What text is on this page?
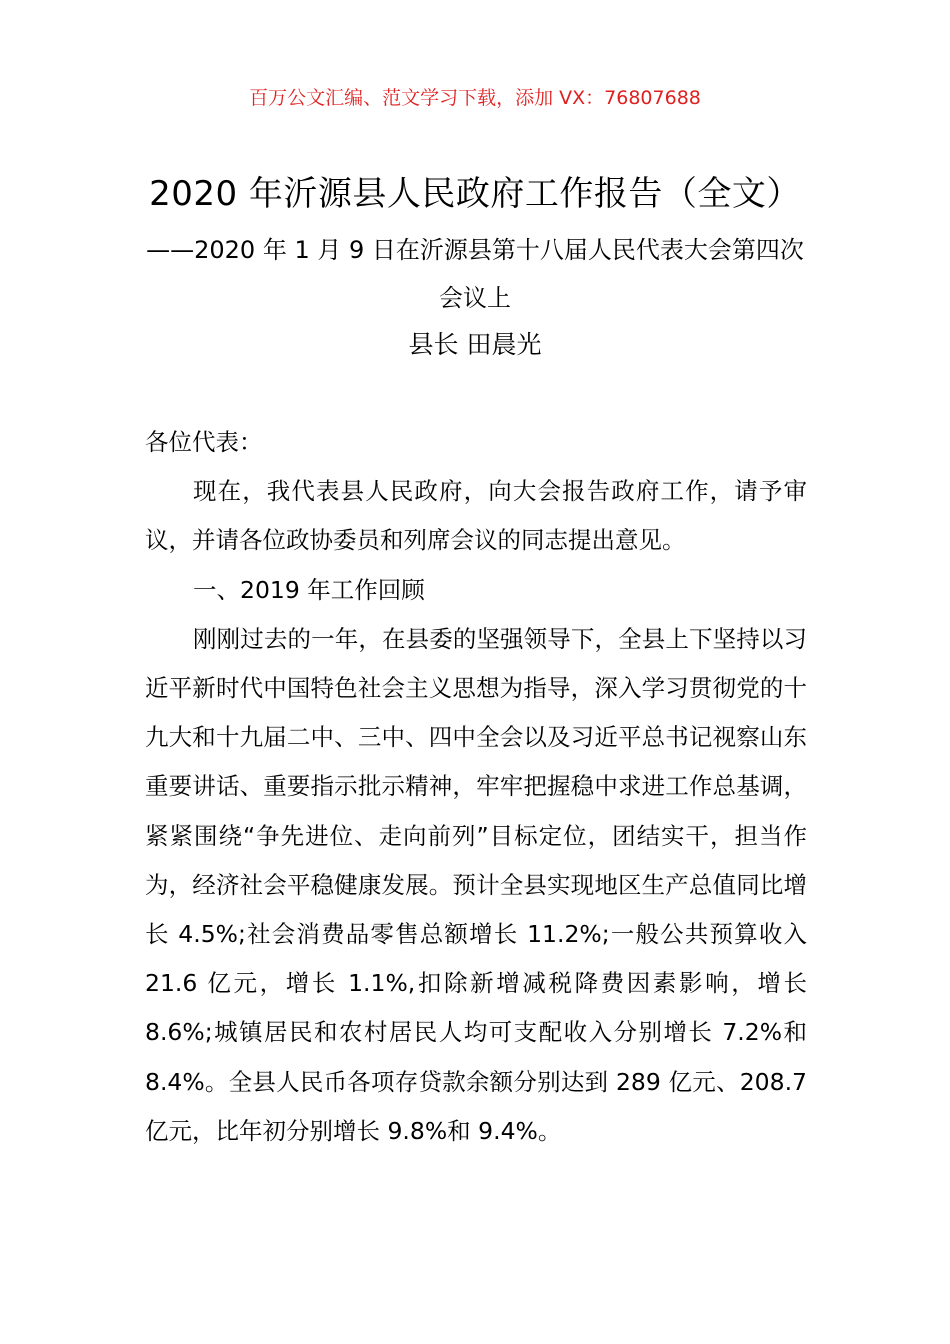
百万公文汇编、范文学习下载，添加 VX：76807688
2020 年沂源县人民政府工作报告（全文）
——2020 年 1 月 9 日在沂源县第十八届人民代表大会第四次
会议上
县长 田晨光

各位代表：

现在，我代表县人民政府，向大会报告政府工作，请予审议，并请各位政协委员和列席会议的同志提出意见。

一、2019 年工作回顾

刚刚过去的一年，在县委的坚强领导下，全县上下坚持以习近平新时代中国特色社会主义思想为指导，深入学习贯彻党的十九大和十九届二中、三中、四中全会以及习近平总书记视察山东重要讲话、重要指示批示精神，牢牢把握稳中求进工作总基调，紧紧围绕“争先进位、走向前列”目标定位，团结实干，担当作为，经济社会平稳健康发展。预计全县实现地区生产总值同比增长 4.5%;社会消费品零售总额增长 11.2%;一般公共预算收入 21.6 亿元，增长 1.1%,扣除新增减税降费因素影响，增长 8.6%;城镇居民和农村居民人均可支配收入分别增长 7.2%和 8.4%。全县人民币各项存贷款余额分别达到 289 亿元、208.7 亿元，比年初分别增长 9.8%和 9.4%。
